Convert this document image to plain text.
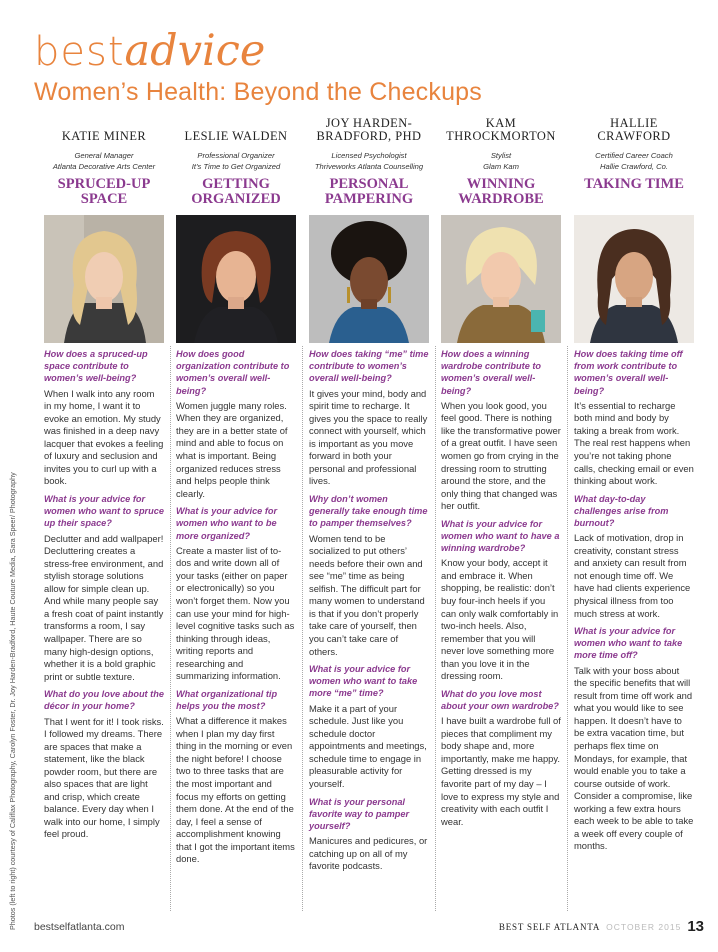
bestadvice
Women’s Health: Beyond the Checkups
Photos (left to right) courtesy of Califlax Photography, Carolyn Foster, Dr. Joy Harden-Bradford, Haute Couture Media, Sara Speer/ Photography
KATIE MINER
General Manager
Atlanta Decorative Arts Center
SPRUCED-UP SPACE

How does a spruced-up space contribute to women’s well-being?

When I walk into any room in my home, I want it to evoke an emotion. My study was finished in a deep navy lacquer that evokes a feeling of luxury and seclusion and invites you to curl up with a book.

What is your advice for women who want to spruce up their space?

Declutter and add wallpaper! Decluttering creates a stress-free environment, and stylish storage solutions allow for simple clean up. And while many people say a fresh coat of paint instantly transforms a room, I say wallpaper. There are so many high-design options, whether it is a bold graphic print or subtle texture.

What do you love about the décor in your home?

That I went for it! I took risks. I followed my dreams. There are spaces that make a statement, like the black powder room, but there are also spaces that are light and crisp, which create balance. Every day when I walk into our home, I simply feel proud.

LESLIE WALDEN
Professional Organizer
It’s Time to Get Organized
GETTING ORGANIZED

How does good organization contribute to women’s overall well-being?

Women juggle many roles. When they are organized, they are in a better state of mind and able to focus on what is important. Being organized reduces stress and helps people think clearly.

What is your advice for women who want to be more organized?

Create a master list of to-dos and write down all of your tasks (either on paper or electronically) so you won’t forget them. Now you can use your mind for high-level cognitive tasks such as thinking through ideas, writing reports and researching and summarizing information.

What organizational tip helps you the most?

What a difference it makes when I plan my day first thing in the morning or even the night before! I choose two to three tasks that are the most important and focus my efforts on getting them done. At the end of the day, I feel a sense of accomplishment knowing that I got the important items done.

JOY HARDEN-BRADFORD, PHD
Licensed Psychologist
Thriveworks Atlanta Counselling
PERSONAL PAMPERING

How does taking “me” time contribute to women’s overall well-being?

It gives your mind, body and spirit time to recharge. It gives you the space to really connect with yourself, which is important as you move forward in both your personal and professional lives.

Why don’t women generally take enough time to pamper themselves?

Women tend to be socialized to put others’ needs before their own and see “me” time as being selfish. The difficult part for many women to understand is that if you don’t properly take care of yourself, then you can’t take care of others.

What is your advice for women who want to take more “me” time?

Make it a part of your schedule. Just like you schedule doctor appointments and meetings, schedule time to engage in pleasurable activity for yourself.

What is your personal favorite way to pamper yourself?

Manicures and pedicures, or catching up on all of my favorite podcasts.

KAM THROCKMORTON
Stylist
Glam Kam
WINNING WARDROBE

How does a winning wardrobe contribute to women’s overall well-being?

When you look good, you feel good. There is nothing like the transformative power of a great outfit. I have seen women go from crying in the dressing room to strutting around the store, and the only thing that changed was her outfit.

What is your advice for women who want to have a winning wardrobe?

Know your body, accept it and embrace it. When shopping, be realistic: don’t buy four-inch heels if you can only walk comfortably in two-inch heels. Also, remember that you will never love something more than you love it in the dressing room.

What do you love most about your own wardrobe?

I have built a wardrobe full of pieces that compliment my body shape and, more importantly, make me happy. Getting dressed is my favorite part of my day – I love to express my style and creativity with each outfit I wear.

HALLIE CRAWFORD
Certified Career Coach
Hallie Crawford, Co.
TAKING TIME

How does taking time off from work contribute to women’s overall well-being?

It’s essential to recharge both mind and body by taking a break from work. The real rest happens when you’re not taking phone calls, checking email or even thinking about work.

What day-to-day challenges arise from burnout?

Lack of motivation, drop in creativity, constant stress and anxiety can result from not enough time off. We have had clients experience physical illness from too much stress at work.

What is your advice for women who want to take more time off?

Talk with your boss about the specific benefits that will result from time off work and what you would like to see happen. It doesn’t have to be extra vacation time, but perhaps flex time on Mondays, for example, that would enable you to take a course outside of work. Consider a compromise, like working a few extra hours each week to be able to take a week off every couple of months.

bestselfatlanta.com	BEST SELF ATLANTA OCTOBER 2015 13
